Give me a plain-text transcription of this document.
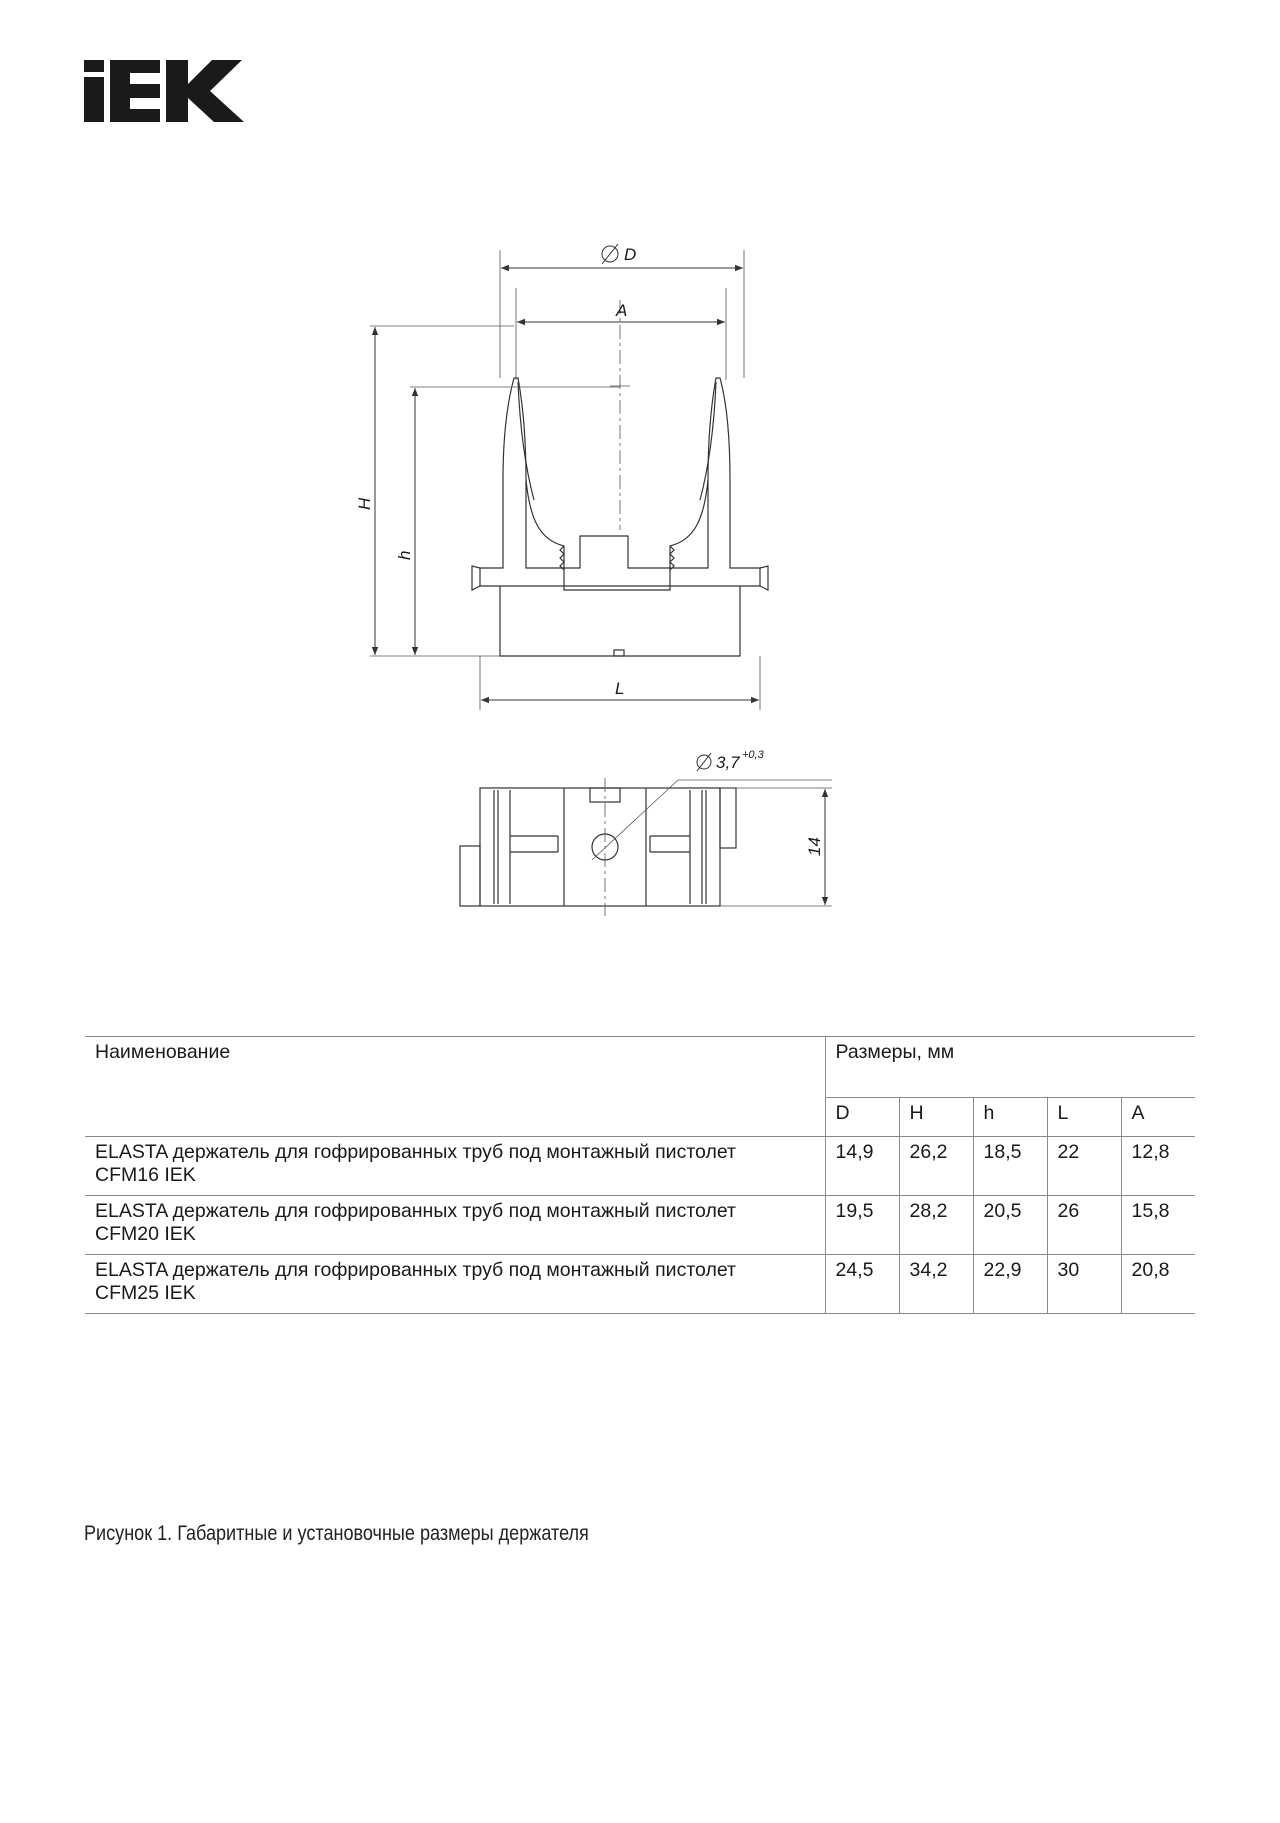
D
A
H
h
L
3,7 +0,3
14
Наименование	Размеры, мм				
	D	H	h	L	A
ELASTA держатель для гофрированных труб под монтажный пистолет
CFM16 IEK	14,9	26,2	18,5	22	12,8
ELASTA держатель для гофрированных труб под монтажный пистолет
CFM20 IEK	19,5	28,2	20,5	26	15,8
ELASTA держатель для гофрированных труб под монтажный пистолет
CFM25 IEK	24,5	34,2	22,9	30	20,8
Рисунок 1. Габаритные и установочные размеры держателя
